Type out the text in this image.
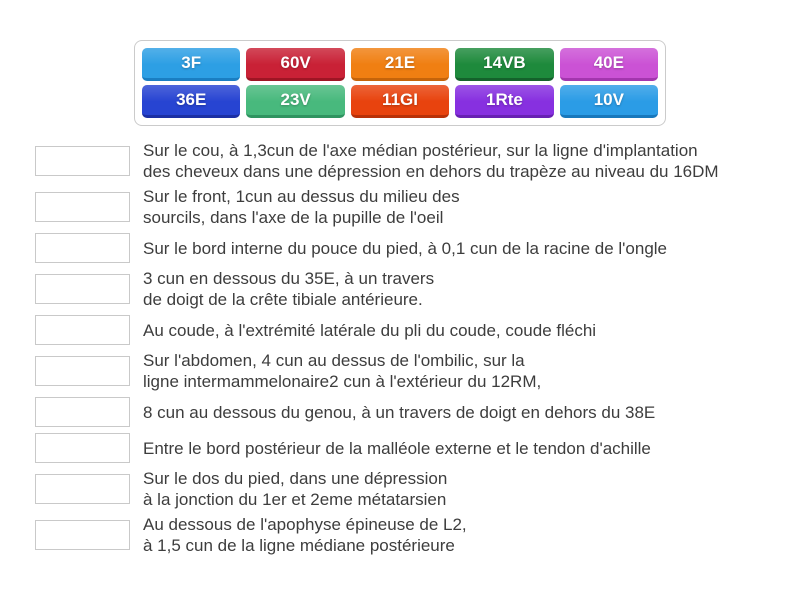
3F	60V	21E	14VB	40E
36E	23V	11GI	1Rte	10V
Sur le cou, à 1,3cun de l'axe médian postérieur, sur la ligne d'implantation
des cheveux dans une dépression en dehors du trapèze au niveau du 16DM
Sur le front, 1cun au dessus du milieu des
sourcils, dans l'axe de la pupille de l'oeil
Sur le bord interne du pouce du pied, à 0,1 cun de la racine de l'ongle
3 cun en dessous du 35E, à un travers
de doigt de la crête tibiale antérieure.
Au coude, à l'extrémité latérale du pli du coude, coude fléchi
Sur l'abdomen, 4 cun au dessus de l'ombilic, sur la
ligne intermammelonaire2 cun à l'extérieur du 12RM,
8 cun au dessous du genou, à un travers de doigt en dehors du 38E
Entre le bord postérieur de la malléole externe et le tendon d'achille
Sur le dos du pied, dans une dépression
à la jonction du 1er et 2eme métatarsien
Au dessous de l'apophyse épineuse de L2,
à 1,5 cun de la ligne médiane postérieure
